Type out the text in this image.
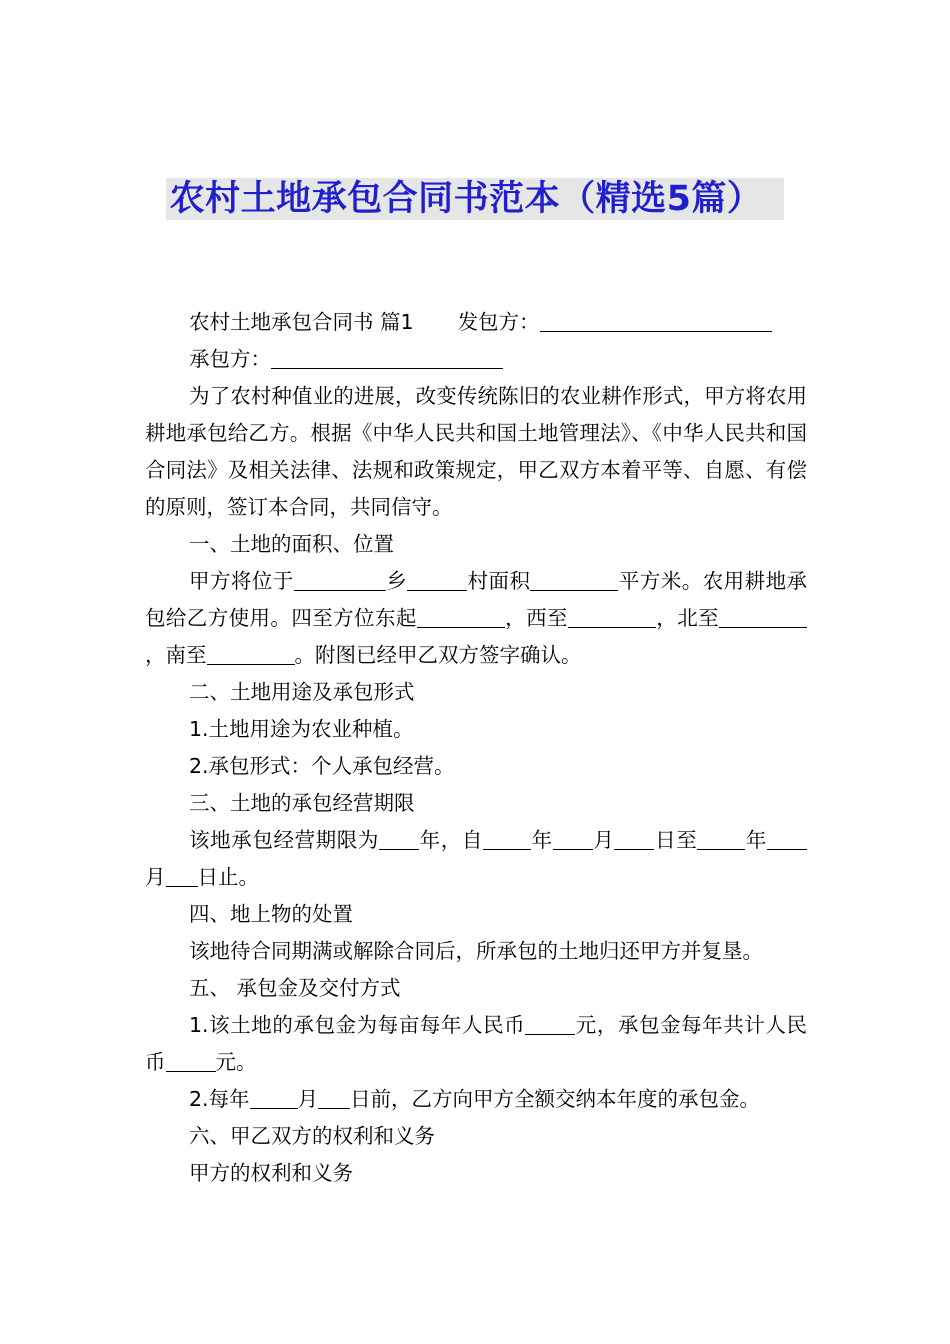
农村土地承包合同书范本（精选5篇）

农村土地承包合同书 篇1 发包方：

承包方：

为了农村种值业的进展，改变传统陈旧的农业耕作形式，甲方将农用耕地承包给乙方。根据《中华人民共和国土地管理法》、《中华人民共和国合同法》及相关法律、法规和政策规定，甲乙双方本着平等、自愿、有偿的原则，签订本合同，共同信守。

一、土地的面积、位置

甲方将位于	乡	村面积	平方米。农用耕地承包给乙方使用。四至方位东起	，西至	，北至，南至	。附图已经甲乙双方签字确认。

二、土地用途及承包形式

1.土地用途为农业种植。

2.承包形式：个人承包经营。

三、土地的承包经营期限

该地承包经营期限为 年，自 年 月 日至 年月 日止。

四、地上物的处置

该地待合同期满或解除合同后，所承包的土地归还甲方并复垦。

五、 承包金及交付方式

1.该土地的承包金为每亩每年人民币 元，承包金每年共计人民币 元。

2.每年 月 日前，乙方向甲方全额交纳本年度的承包金。

六、甲乙双方的权利和义务

甲方的权利和义务
